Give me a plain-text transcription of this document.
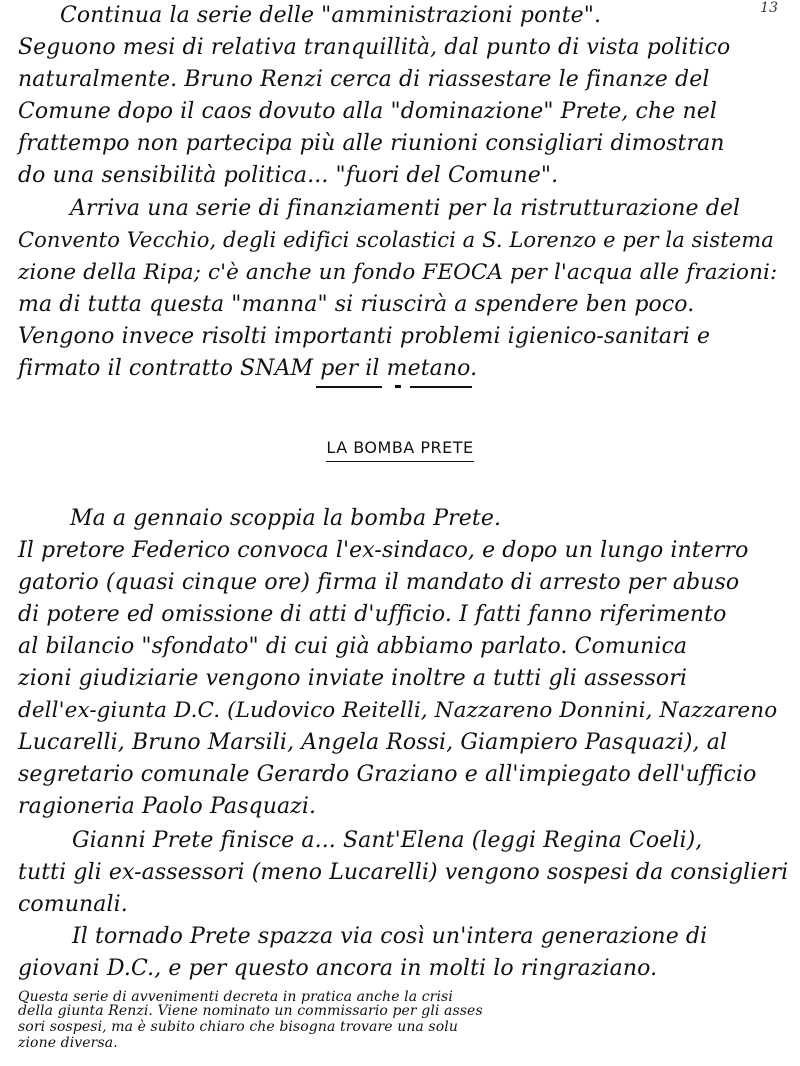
13
Continua la serie delle "amministrazioni ponte".
Seguono mesi di relativa tranquillità, dal punto di vista politico
naturalmente. Bruno Renzi cerca di riassestare le finanze del
Comune dopo il caos dovuto alla "dominazione" Prete, che nel
frattempo non partecipa più alle riunioni consigliari dimostran
do una sensibilità politica... "fuori del Comune".
Arriva una serie di finanziamenti per la ristrutturazione del
Convento Vecchio, degli edifici scolastici a S. Lorenzo e per la sistema
zione della Ripa; c'è anche un fondo FEOCA per l'acqua alle frazioni:
ma di tutta questa "manna" si riuscirà a spendere ben poco.
Vengono invece risolti importanti problemi igienico-sanitari e
firmato il contratto SNAM per il metano.
LA BOMBA PRETE
Ma a gennaio scoppia la bomba Prete.
Il pretore Federico convoca l'ex-sindaco, e dopo un lungo interro
gatorio (quasi cinque ore) firma il mandato di arresto per abuso
di potere ed omissione di atti d'ufficio. I fatti fanno riferimento
al bilancio "sfondato" di cui già abbiamo parlato. Comunica
zioni giudiziarie vengono inviate inoltre a tutti gli assessori
dell'ex-giunta D.C. (Ludovico Reitelli, Nazzareno Donnini, Nazzareno
Lucarelli, Bruno Marsili, Angela Rossi, Giampiero Pasquazi), al
segretario comunale Gerardo Graziano e all'impiegato dell'ufficio
ragioneria Paolo Pasquazi.
Gianni Prete finisce a... Sant'Elena (leggi Regina Coeli),
tutti gli ex-assessori (meno Lucarelli) vengono sospesi da consiglieri
comunali.
Il tornado Prete spazza via così un'intera generazione di
giovani D.C., e per questo ancora in molti lo ringraziano.
Questa serie di avvenimenti decreta in pratica anche la crisi
della giunta Renzi. Viene nominato un commissario per gli asses
sori sospesi, ma è subito chiaro che bisogna trovare una solu
zione diversa.
